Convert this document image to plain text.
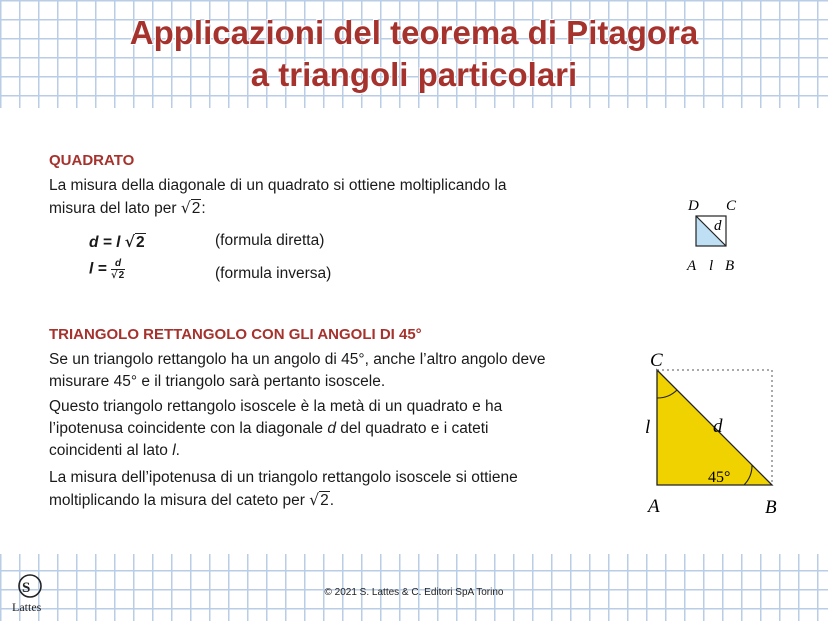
Applicazioni del teorema di Pitagora
a triangoli particolari
QUADRATO
La misura della diagonale di un quadrato si ottiene moltiplicando la
misura del lato per √2:
d = l √2	(formula diretta)
$l = \frac{d}{√2}$	(formula inversa)
D C
d
A l B
TRIANGOLO RETTANGOLO CON GLI ANGOLI DI 45°
Se un triangolo rettangolo ha un angolo di 45°, anche l’altro angolo deve
misurare 45° e il triangolo sarà pertanto isoscele.
Questo triangolo rettangolo isoscele è la metà di un quadrato e ha
l’ipotenusa coincidente con la diagonale d del quadrato e i cateti
coincidenti al lato l.
La misura dell’ipotenusa di un triangolo rettangolo isoscele si ottiene
moltiplicando la misura del cateto per √2.
C
A	B
l	d
45°
S
Lattes
© 2021 S. Lattes & C. Editori SpA Torino
